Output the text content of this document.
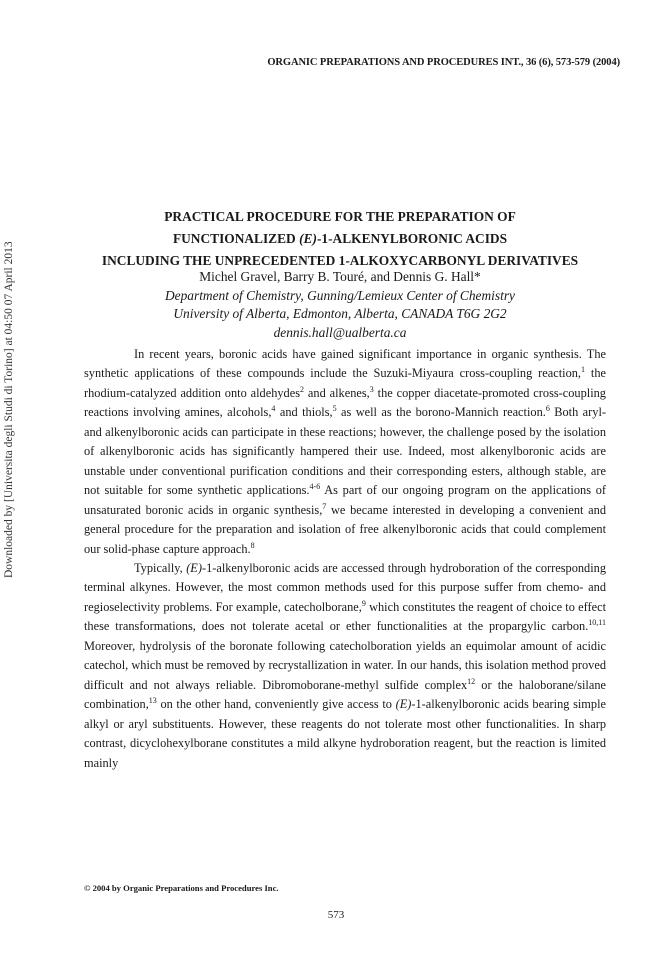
ORGANIC PREPARATIONS AND PROCEDURES INT., 36 (6), 573-579 (2004)
Downloaded by [Universita degli Studi di Torino] at 04:50 07 April 2013
PRACTICAL PROCEDURE FOR THE PREPARATION OF
FUNCTIONALIZED (E)-1-ALKENYLBORONIC ACIDS
INCLUDING THE UNPRECEDENTED 1-ALKOXYCARBONYL DERIVATIVES
Michel Gravel, Barry B. Touré, and Dennis G. Hall*
Department of Chemistry, Gunning/Lemieux Center of Chemistry
University of Alberta, Edmonton, Alberta, CANADA T6G 2G2
dennis.hall@ualberta.ca

In recent years, boronic acids have gained significant importance in organic synthesis. The synthetic applications of these compounds include the Suzuki-Miyaura cross-coupling reaction,$^1$ the rhodium-catalyzed addition onto aldehydes$^2$ and alkenes,$^3$ the copper diacetate-promoted cross-coupling reactions involving amines, alcohols,$^4$ and thiols,$^5$ as well as the borono-Mannich reaction.$^6$ Both aryl- and alkenylboronic acids can participate in these reactions; however, the challenge posed by the isolation of alkenylboronic acids has significantly hampered their use. Indeed, most alkenylboronic acids are unstable under conventional purification conditions and their corresponding esters, although stable, are not suitable for some synthetic applications.$^{4-6}$ As part of our ongoing program on the applications of unsaturated boronic acids in organic synthesis,$^7$ we became interested in developing a convenient and general procedure for the preparation and isolation of free alkenylboronic acids that could complement our solid-phase capture approach.$^8$

Typically, (E)-1-alkenylboronic acids are accessed through hydroboration of the corresponding terminal alkynes. However, the most common methods used for this purpose suffer from chemo- and regioselectivity problems. For example, catecholborane,$^9$ which constitutes the reagent of choice to effect these transformations, does not tolerate acetal or ether functionalities at the propargylic carbon.$^{10,11}$ Moreover, hydrolysis of the boronate following catecholboration yields an equimolar amount of acidic catechol, which must be removed by recrystallization in water. In our hands, this isolation method proved difficult and not always reliable. Dibromoborane-methyl sulfide complex$^{12}$ or the haloborane/silane combination,$^{13}$ on the other hand, conveniently give access to (E)-1-alkenylboronic acids bearing simple alkyl or aryl substituents. However, these reagents do not tolerate most other functionalities. In sharp contrast, dicyclohexylborane constitutes a mild alkyne hydroboration reagent, but the reaction is limited mainly

© 2004 by Organic Preparations and Procedures Inc.
573
